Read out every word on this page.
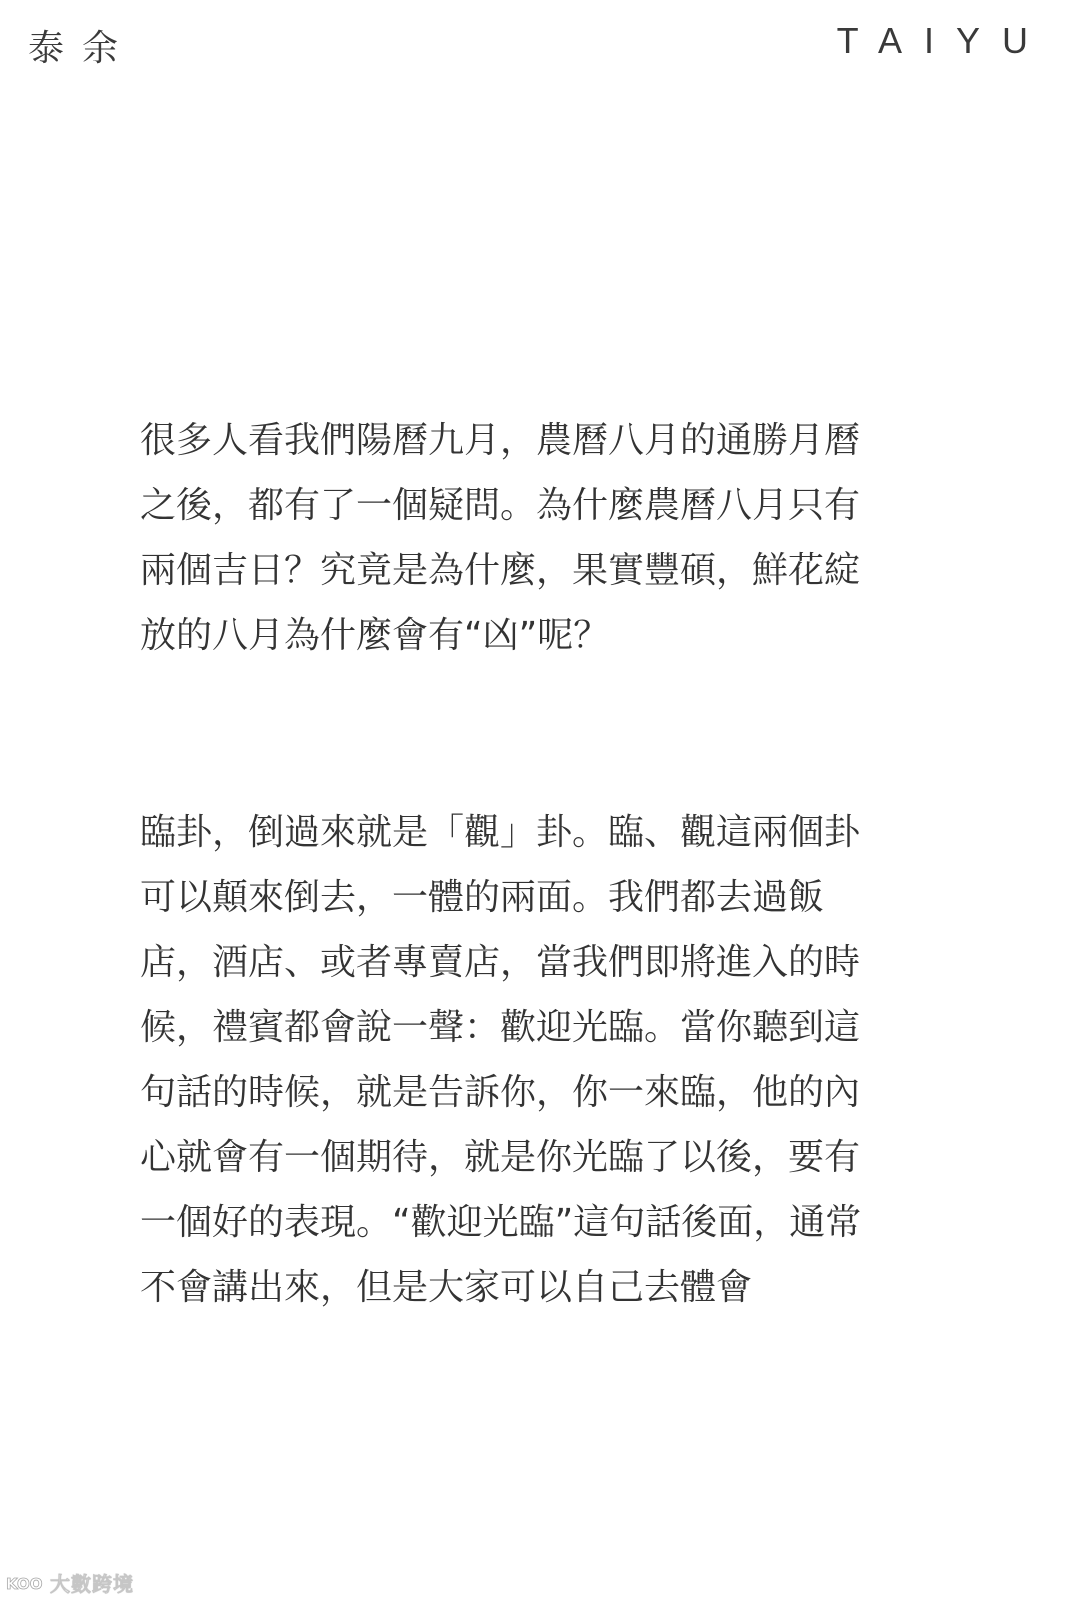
泰余	TAIYU

很多人看我們陽曆九月，農曆八月的通勝月曆
之後，都有了一個疑問。為什麼農曆八月只有
兩個吉日？究竟是為什麼，果實豐碩，鮮花綻
放的八月為什麼會有“凶”呢？

臨卦，倒過來就是「觀」卦。臨、觀這兩個卦
可以顛來倒去，一體的兩面。我們都去過飯
店，酒店、或者專賣店，當我們即將進入的時
候，禮賓都會說一聲：歡迎光臨。當你聽到這
句話的時候，就是告訴你，你一來臨，他的內
心就會有一個期待，就是你光臨了以後，要有
一個好的表現。“歡迎光臨”這句話後面，通常
不會講出來，但是大家可以自己去體會

KOO 大數跨境
